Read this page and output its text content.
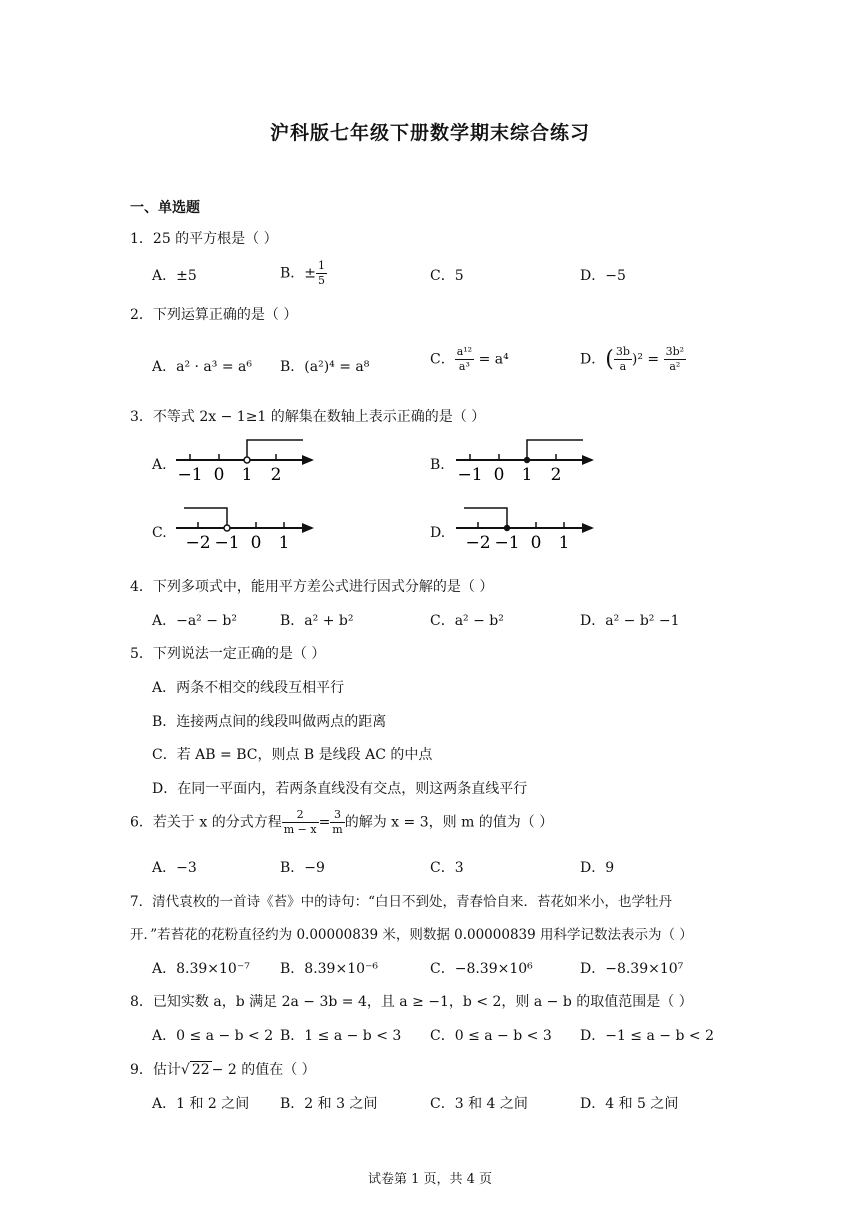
沪科版七年级下册数学期末综合练习
一、单选题
1．25 的平方根是（ ）
A．±5	B．± $\frac{1}{5}$	C．5	D．−5
2．下列运算正确的是（ ）
A．a² · a³ = a⁶ B．(a²)⁴ = a⁸	C． $\frac{\text{a¹²}}{\text{a³}} = a^4$	D．( $\frac{3b}{a} )^2 = \frac{\text{3b²}}{\text{a²}}$
3．不等式 2x − 1≥1 的解集在数轴上表示正确的是（ ）
A. −1 0 1 2	B. −1 0 1 2
C. −2 −1 0 1	D. −2 −1 0 1
4．下列多项式中，能用平方差公式进行因式分解的是（ ）
A．−a² − b²	B．a² + b²	C．a² − b²	D．a² − b² −1
5．下列说法一定正确的是（ ）
A．两条不相交的线段互相平行
B．连接两点间的线段叫做两点的距离
C．若 AB = BC，则点 B 是线段 AC 的中点
D．在同一平面内，若两条直线没有交点，则这两条直线平行
6．若关于 x 的分式方程 $\frac{2}{m - x} = \frac{3}{m}$ 的解为 x = 3，则 m 的值为（ ）
A．−3	B．−9	C．3	D．9
7．清代袁枚的一首诗《苔》中的诗句：“白日不到处，青春恰自来．苔花如米小，也学牡丹
开．”若苔花的花粉直径约为 0.00000839 米，则数据 0.00000839 用科学记数法表示为（ ）
A．8.39×10⁻⁷ B．8.39×10⁻⁶	C．−8.39×10⁶	D．−8.39×10⁷
8．已知实数 a，b 满足 2a − 3b = 4，且 a ≥ −1，b < 2，则 a − b 的取值范围是（ ）
A．0 ≤ a − b < 2 B．1 ≤ a − b < 3 C．0 ≤ a − b < 3 D．−1 ≤ a − b < 2
9．估计√ 22 − 2 的值在（ ）
A．1 和 2 之间 B．2 和 3 之间	C．3 和 4 之间	D．4 和 5 之间
试卷第 1 页，共 4 页
